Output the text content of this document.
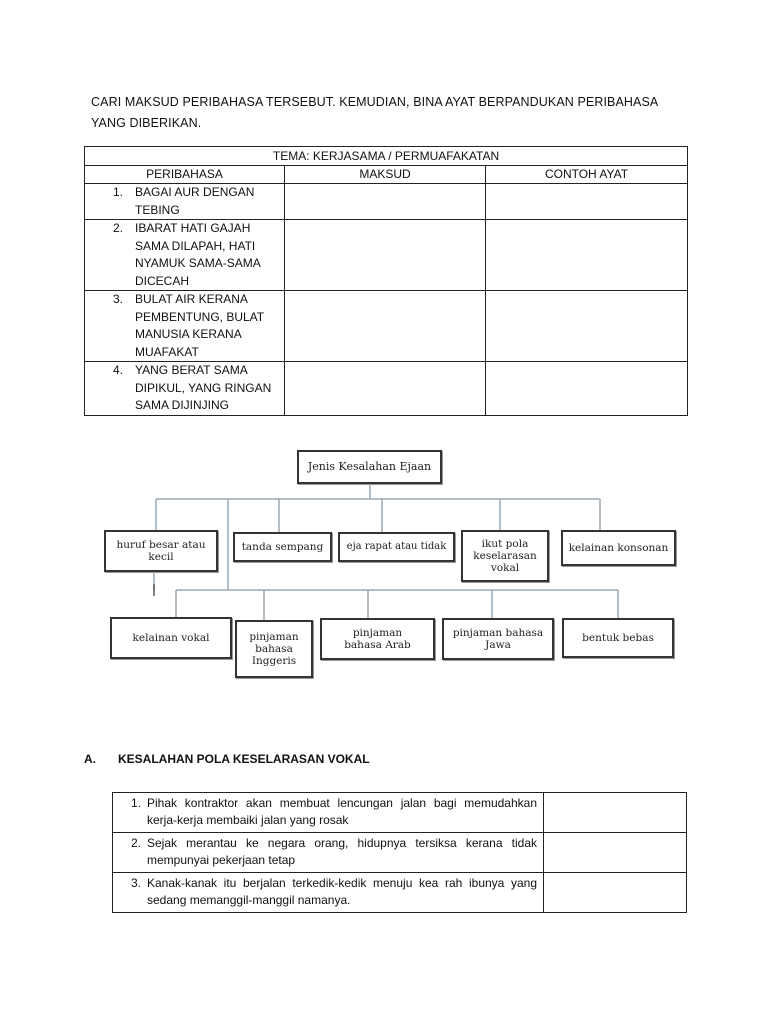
CARI MAKSUD PERIBAHASA TERSEBUT. KEMUDIAN, BINA AYAT BERPANDUKAN PERIBAHASA YANG DIBERIKAN.
TEMA: KERJASAMA / PERMUAFAKATAN		
PERIBAHASA	MAKSUD	CONTOH AYAT

1. BAGAI AUR DENGAN TEBING		

2. IBARAT HATI GAJAH SAMA DILAPAH, HATI NYAMUK SAMA-SAMA DICECAH		

3. BULAT AIR KERANA PEMBENTUNG, BULAT MANUSIA KERANA MUAFAKAT		

4. YANG BERAT SAMA DIPIKUL, YANG RINGAN SAMA DIJINJING		

Jenis Kesalahan Ejaan
huruf besar atau kecil
tanda sempang	eja rapat atau tidak	ikut pola keselarasan vokal
kelainan konsonan
kelainan vokal	pinjaman bahasa Inggeris
pinjaman bahasa Arab
pinjaman bahasa Jawa
bentuk bebas
A.	KESALAHAN POLA KESELARASAN VOKAL
1. Pihak kontraktor akan membuat lencungan jalan bagi memudahkan kerja-kerja membaiki jalan yang rosak	

2. Sejak merantau ke negara orang, hidupnya tersiksa kerana tidak mempunyai pekerjaan tetap	

3. Kanak-kanak itu berjalan terkedik-kedik menuju kea rah ibunya yang sedang memanggil-manggil namanya.	
